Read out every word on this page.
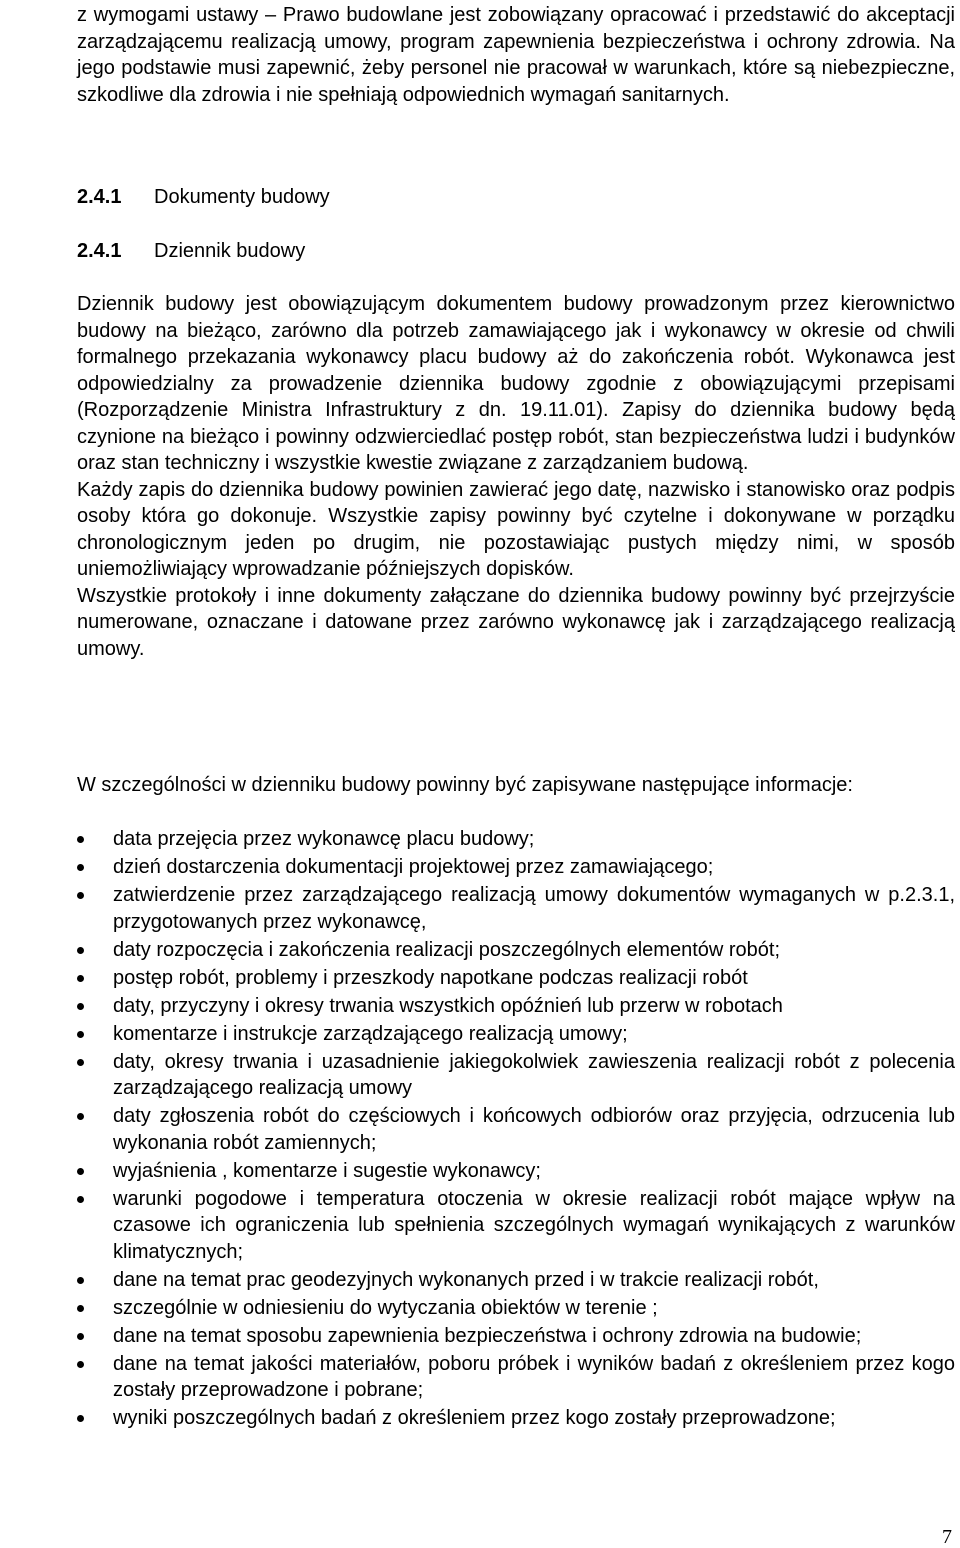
z wymogami ustawy – Prawo budowlane jest zobowiązany opracować i przedstawić do akceptacji zarządzającemu realizacją umowy, program zapewnienia bezpieczeństwa i ochrony zdrowia. Na jego podstawie musi zapewnić, żeby personel nie pracował w warunkach, które są niebezpieczne, szkodliwe dla zdrowia i nie spełniają odpowiednich wymagań sanitarnych.

2.4.1 Dokumenty budowy
2.4.1 Dziennik budowy

Dziennik budowy jest obowiązującym dokumentem budowy prowadzonym przez kierownictwo budowy na bieżąco, zarówno dla potrzeb zamawiającego jak i wykonawcy w okresie od chwili formalnego przekazania wykonawcy placu budowy aż do zakończenia robót. Wykonawca jest odpowiedzialny za prowadzenie dziennika budowy zgodnie z obowiązującymi przepisami (Rozporządzenie Ministra Infrastruktury z dn. 19.11.01). Zapisy do dziennika budowy będą czynione na bieżąco i powinny odzwierciedlać postęp robót, stan bezpieczeństwa ludzi i budynków oraz stan techniczny i wszystkie kwestie związane z zarządzaniem budową.

Każdy zapis do dziennika budowy powinien zawierać jego datę, nazwisko i stanowisko oraz podpis osoby która go dokonuje. Wszystkie zapisy powinny być czytelne i dokonywane w porządku chronologicznym jeden po drugim, nie pozostawiając pustych między nimi, w sposób uniemożliwiający wprowadzanie późniejszych dopisków.

Wszystkie protokoły i inne dokumenty załączane do dziennika budowy powinny być przejrzyście numerowane, oznaczane i datowane przez zarówno wykonawcę jak i zarządzającego realizacją umowy.

W szczególności w dzienniku budowy powinny być zapisywane następujące informacje:

data przejęcia przez wykonawcę placu budowy;
dzień dostarczenia dokumentacji projektowej przez zamawiającego;
zatwierdzenie przez zarządzającego realizacją umowy dokumentów wymaganych w p.2.3.1, przygotowanych przez wykonawcę,
daty rozpoczęcia i zakończenia realizacji poszczególnych elementów robót;
postęp robót, problemy i przeszkody napotkane podczas realizacji robót
daty, przyczyny i okresy trwania wszystkich opóźnień lub przerw w robotach
komentarze i instrukcje zarządzającego realizacją umowy;
daty, okresy trwania i uzasadnienie jakiegokolwiek zawieszenia realizacji robót z polecenia zarządzającego realizacją umowy
daty zgłoszenia robót do częściowych i końcowych odbiorów oraz przyjęcia, odrzucenia lub wykonania robót zamiennych;
wyjaśnienia , komentarze i sugestie wykonawcy;
warunki pogodowe i temperatura otoczenia w okresie realizacji robót mające wpływ na czasowe ich ograniczenia lub spełnienia szczególnych wymagań wynikających z warunków klimatycznych;
dane na temat prac geodezyjnych wykonanych przed i w trakcie realizacji robót,
szczególnie w odniesieniu do wytyczania obiektów w terenie ;
dane na temat sposobu zapewnienia bezpieczeństwa i ochrony zdrowia na budowie;
dane na temat jakości materiałów, poboru próbek i wyników badań z określeniem przez kogo zostały przeprowadzone i pobrane;
wyniki poszczególnych badań z określeniem przez kogo zostały przeprowadzone;
7
